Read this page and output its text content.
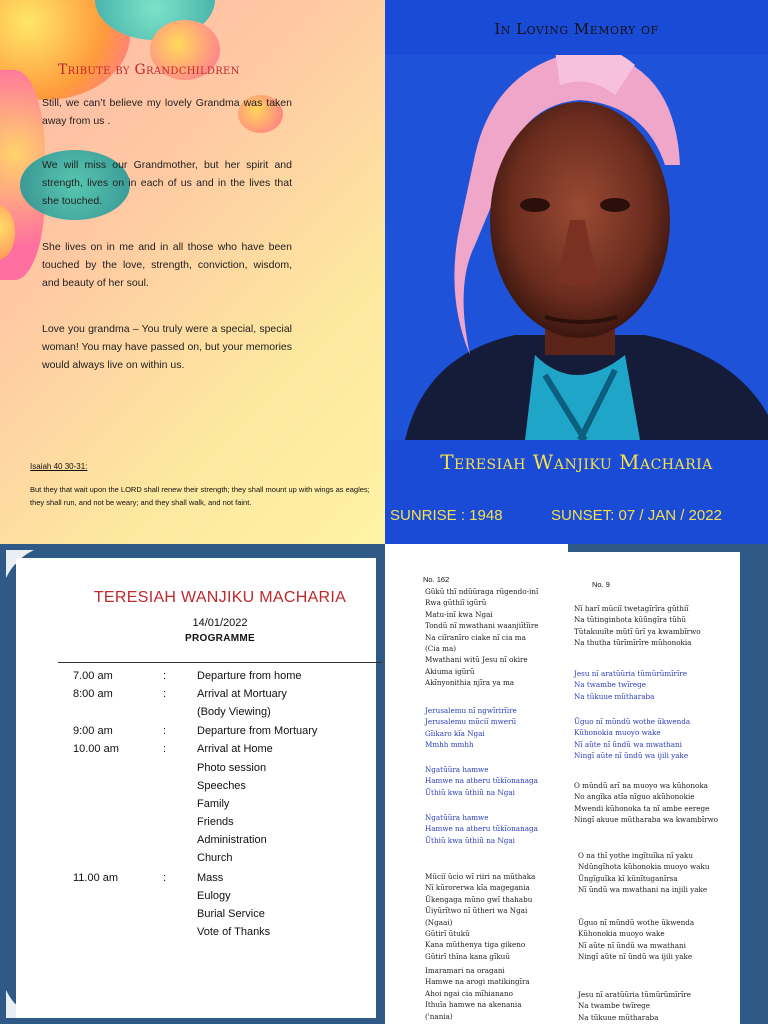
Tribute by Grandchildren

Still, we can’t believe my lovely Grandma was taken away from us .

We will miss our Grandmother, but her spirit and strength, lives on in each of us and in the lives that she touched.

She lives on in me and in all those who have been touched by the love, strength, conviction, wisdom, and beauty of her soul.

Love you grandma – You truly were a special, special woman! You may have passed on, but your memories would always live on within us.

Isaiah 40 30-31:

But they that wait upon the LORD shall renew their strength; they shall mount up with wings as eagles; they shall run, and not be weary; and they shall walk, and not faint.

In Loving Memory of
Teresiah Wanjiku Macharia
SUNRISE : 1948	SUNSET: 07 / JAN / 2022
TERESIAH WANJIKU MACHARIA
14/01/2022
PROGRAMME
7.00 am	:	Departure from home
8:00 am	:	Arrival at Mortuary
(Body Viewing)
9:00 am	:	Departure from Mortuary
10.00 am	:	Arrival at Home
Photo session
Speeches
Family
Friends
Administration
Church
11.00 am	:	Mass
Eulogy
Burial Service
Vote of Thanks
No. 162

Gũkũ thĩ ndũũraga rũgendo-inĩ
Rwa gũthiĩ igũrũ
Matu-inĩ kwa Ngai
Tondũ nĩ mwathani waanjiĩtĩire
Na ciĩranĩro ciake nĩ cia ma
(Cia ma)
Mwathani witũ Jesu nĩ okire
Akiuma igũrũ
Akĩnyonithia njĩra ya ma

Jerusalemu nĩ ngwĩrirĩire
Jerusalemu mũciĩ mwerũ
Gĩikaro kĩa Ngai
Mmhh mmhh

Ngatũũra hamwe
Hamwe na atheru tũkĩonanaga
Ũthiũ kwa ũthiũ na Ngai

Ngatũũra hamwe
Hamwe na atheru tũkĩonanaga
Ũthiũ kwa ũthiũ na Ngai

Mũciĩ ũcio wĩ riiri na mũthaka
Nĩ kũrorerwa kĩa magegania
Ũkengaga mũno gwĩ thahabu
Ũiyũrĩtwo nĩ ũtheri wa Ngai
(Ngaai)
Gũtirĩ ũtukũ
Kana mũthenya tiga gikeno
Gũtirĩ thĩna kana gĩkuũ

Imaramari na oragani
Hamwe na arogi matikingĩra
Ahoi ngai cia mĩhianano
Ithuĩa hamwe na akenania
('nania)

No. 9

Nĩ harĩ mũciĩ twetagĩrĩra gũthiĩ
Na tũtinginhota kũũngĩra tũhũ
Tũtakuuĩte mũtĩ ũrĩ ya kwambĩrwo
Na thutha tũrĩmĩrĩre mũhonokia

Jesu nĩ aratũũria tũmũrũmĩrĩre
Na twambe twĩrege
Na tũkuue mũtharaba

Ũguo nĩ mũndũ wothe ũkwenda
Kũhonokia muoyo wake
Nĩ aũte nĩ ũndũ wa mwathani
Ningĩ aũte nĩ ũndũ wa ijili yake

O mũndũ arĩ na muoyo wa kũhonoka
No angĩka atĩa nĩguo akũhonokie
Mwendi kũhonoka ta nĩ ambe eerege
Ningĩ akuue mũtharaba wa kwambĩrwo

O na thĩ yothe ingĩtuĩka nĩ yaku
Ndũngĩhota kũhonokia muoyo waku
Ũngĩguĩka kĩ kũnĩtuganĩrsa
Nĩ ũndũ wa mwathani na injili yake

Ũguo nĩ mũndũ wothe ũkwenda
Kũhonokia muoyo wake
Nĩ aũte nĩ ũndũ wa mwathani
Ningĩ aũte nĩ ũndũ wa ijili yake

Jesu nĩ aratũũria tũmũrũmĩrĩre
Na twambe twĩrege
Na tũkuue mũtharaba
